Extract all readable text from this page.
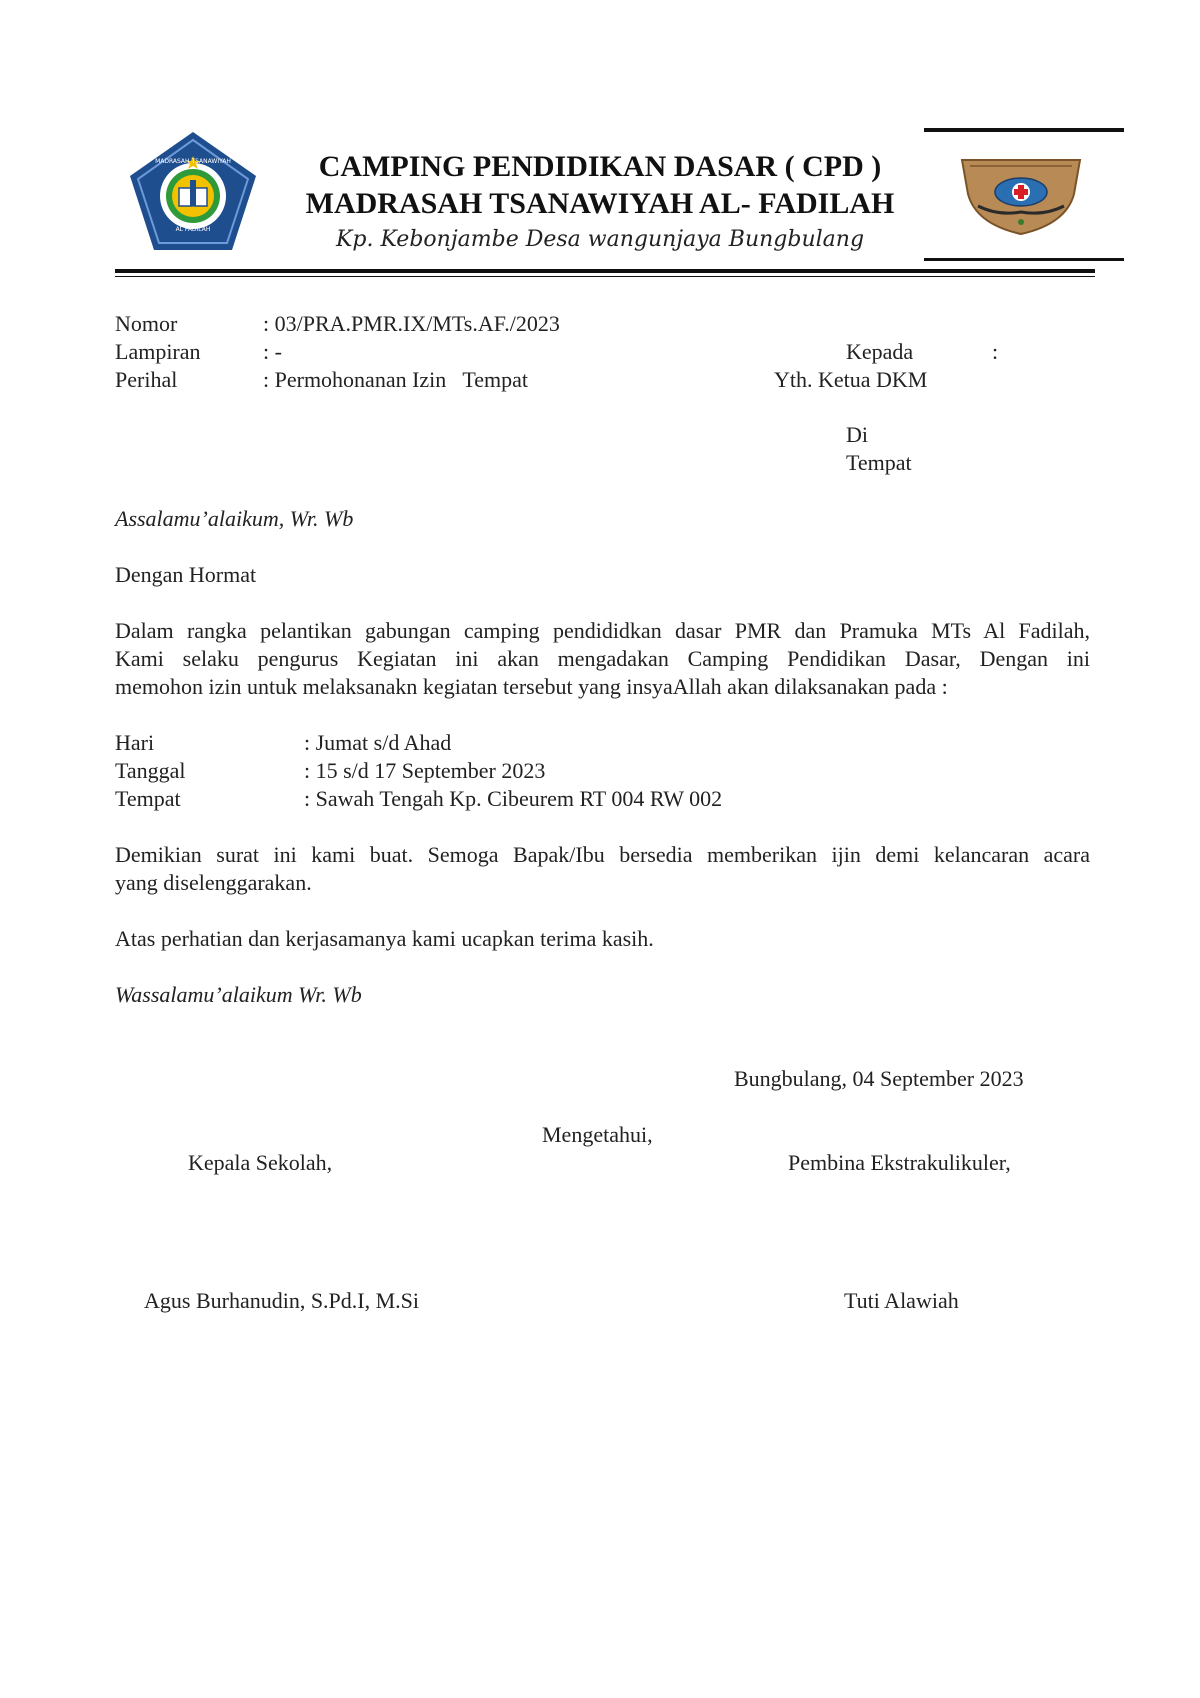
MADRASAH TSANAWIYAH
AL FADILAH
CAMPING PENDIDIKAN DASAR ( CPD )
MADRASAH TSANAWIYAH AL- FADILAH
Kp. Kebonjambe Desa wangunjaya Bungbulang
Nomor	: 03/PRA.PMR.IX/MTs.AF./2023
Lampiran	: -
Perihal	: Permohonanan Izin   Tempat
Kepada	:
Yth. Ketua DKM
Di
Tempat
Assalamu’alaikum, Wr. Wb
Dengan Hormat
Dalam rangka pelantikan gabungan camping pendididkan dasar PMR dan Pramuka MTs Al Fadilah,
Kami selaku pengurus Kegiatan ini akan mengadakan Camping Pendidikan Dasar, Dengan ini
memohon izin untuk melaksanakn kegiatan tersebut yang insyaAllah akan dilaksanakan pada :
Hari	: Jumat s/d Ahad
Tanggal	: 15 s/d 17 September 2023
Tempat	: Sawah Tengah Kp. Cibeurem RT 004 RW 002
Demikian surat ini kami buat. Semoga Bapak/Ibu bersedia memberikan ijin demi kelancaran acara
yang diselenggarakan.
Atas perhatian dan kerjasamanya kami ucapkan terima kasih.
Wassalamu’alaikum Wr. Wb
Bungbulang, 04 September 2023
Mengetahui,
Kepala Sekolah,	Pembina Ekstrakulikuler,
Agus Burhanudin, S.Pd.I, M.Si	Tuti Alawiah
